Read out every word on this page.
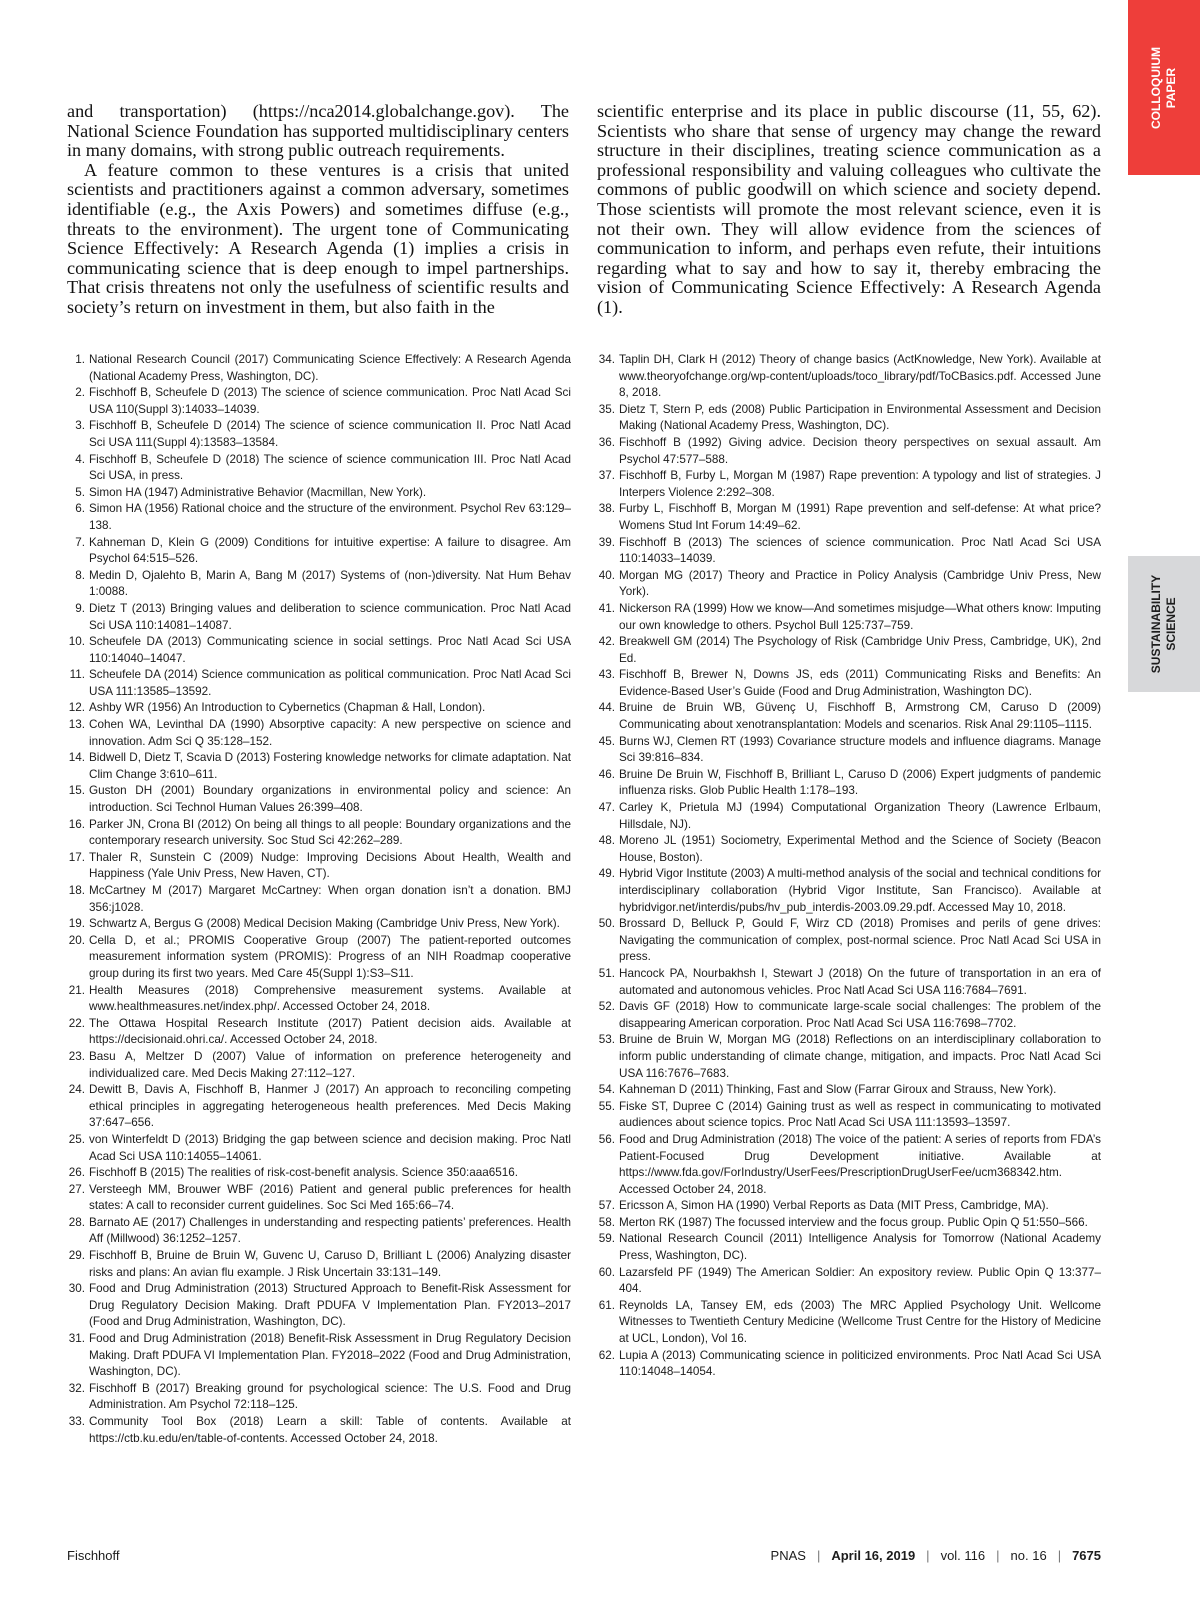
COLLOQUIUM PAPER
SUSTAINABILITY SCIENCE

and transportation) (https://nca2014.globalchange.gov). The National Science Foundation has supported multidisciplinary centers in many domains, with strong public outreach requirements.

A feature common to these ventures is a crisis that united scientists and practitioners against a common adversary, sometimes identifiable (e.g., the Axis Powers) and sometimes diffuse (e.g., threats to the environment). The urgent tone of Communicating Science Effectively: A Research Agenda (1) implies a crisis in communicating science that is deep enough to impel partnerships. That crisis threatens not only the usefulness of scientific results and society’s return on investment in them, but also faith in the

scientific enterprise and its place in public discourse (11, 55, 62). Scientists who share that sense of urgency may change the reward structure in their disciplines, treating science communication as a professional responsibility and valuing colleagues who cultivate the commons of public goodwill on which science and society depend. Those scientists will promote the most relevant science, even it is not their own. They will allow evidence from the sciences of communication to inform, and perhaps even refute, their intuitions regarding what to say and how to say it, thereby embracing the vision of Communicating Science Effectively: A Research Agenda (1).

1. National Research Council (2017) Communicating Science Effectively: A Research Agenda (National Academy Press, Washington, DC).
2. Fischhoff B, Scheufele D (2013) The science of science communication. Proc Natl Acad Sci USA 110(Suppl 3):14033–14039.
3. Fischhoff B, Scheufele D (2014) The science of science communication II. Proc Natl Acad Sci USA 111(Suppl 4):13583–13584.
4. Fischhoff B, Scheufele D (2018) The science of science communication III. Proc Natl Acad Sci USA, in press.
5. Simon HA (1947) Administrative Behavior (Macmillan, New York).
6. Simon HA (1956) Rational choice and the structure of the environment. Psychol Rev 63:129–138.
7. Kahneman D, Klein G (2009) Conditions for intuitive expertise: A failure to disagree. Am Psychol 64:515–526.
8. Medin D, Ojalehto B, Marin A, Bang M (2017) Systems of (non-)diversity. Nat Hum Behav 1:0088.
9. Dietz T (2013) Bringing values and deliberation to science communication. Proc Natl Acad Sci USA 110:14081–14087.
10. Scheufele DA (2013) Communicating science in social settings. Proc Natl Acad Sci USA 110:14040–14047.
11. Scheufele DA (2014) Science communication as political communication. Proc Natl Acad Sci USA 111:13585–13592.
12. Ashby WR (1956) An Introduction to Cybernetics (Chapman & Hall, London).
13. Cohen WA, Levinthal DA (1990) Absorptive capacity: A new perspective on science and innovation. Adm Sci Q 35:128–152.
14. Bidwell D, Dietz T, Scavia D (2013) Fostering knowledge networks for climate adaptation. Nat Clim Change 3:610–611.
15. Guston DH (2001) Boundary organizations in environmental policy and science: An introduction. Sci Technol Human Values 26:399–408.
16. Parker JN, Crona BI (2012) On being all things to all people: Boundary organizations and the contemporary research university. Soc Stud Sci 42:262–289.
17. Thaler R, Sunstein C (2009) Nudge: Improving Decisions About Health, Wealth and Happiness (Yale Univ Press, New Haven, CT).
18. McCartney M (2017) Margaret McCartney: When organ donation isn’t a donation. BMJ 356:j1028.
19. Schwartz A, Bergus G (2008) Medical Decision Making (Cambridge Univ Press, New York).
20. Cella D, et al.; PROMIS Cooperative Group (2007) The patient-reported outcomes measurement information system (PROMIS): Progress of an NIH Roadmap cooperative group during its first two years. Med Care 45(Suppl 1):S3–S11.
21. Health Measures (2018) Comprehensive measurement systems. Available at www.healthmeasures.net/index.php/. Accessed October 24, 2018.
22. The Ottawa Hospital Research Institute (2017) Patient decision aids. Available at https://decisionaid.ohri.ca/. Accessed October 24, 2018.
23. Basu A, Meltzer D (2007) Value of information on preference heterogeneity and individualized care. Med Decis Making 27:112–127.
24. Dewitt B, Davis A, Fischhoff B, Hanmer J (2017) An approach to reconciling competing ethical principles in aggregating heterogeneous health preferences. Med Decis Making 37:647–656.
25. von Winterfeldt D (2013) Bridging the gap between science and decision making. Proc Natl Acad Sci USA 110:14055–14061.
26. Fischhoff B (2015) The realities of risk-cost-benefit analysis. Science 350:aaa6516.
27. Versteegh MM, Brouwer WBF (2016) Patient and general public preferences for health states: A call to reconsider current guidelines. Soc Sci Med 165:66–74.
28. Barnato AE (2017) Challenges in understanding and respecting patients’ preferences. Health Aff (Millwood) 36:1252–1257.
29. Fischhoff B, Bruine de Bruin W, Guvenc U, Caruso D, Brilliant L (2006) Analyzing disaster risks and plans: An avian flu example. J Risk Uncertain 33:131–149.
30. Food and Drug Administration (2013) Structured Approach to Benefit-Risk Assessment for Drug Regulatory Decision Making. Draft PDUFA V Implementation Plan. FY2013–2017 (Food and Drug Administration, Washington, DC).
31. Food and Drug Administration (2018) Benefit-Risk Assessment in Drug Regulatory Decision Making. Draft PDUFA VI Implementation Plan. FY2018–2022 (Food and Drug Administration, Washington, DC).
32. Fischhoff B (2017) Breaking ground for psychological science: The U.S. Food and Drug Administration. Am Psychol 72:118–125.
33. Community Tool Box (2018) Learn a skill: Table of contents. Available at https://ctb.ku.edu/en/table-of-contents. Accessed October 24, 2018.
34. Taplin DH, Clark H (2012) Theory of change basics (ActKnowledge, New York). Available at www.theoryofchange.org/wp-content/uploads/toco_library/pdf/ToCBasics.pdf. Accessed June 8, 2018.
35. Dietz T, Stern P, eds (2008) Public Participation in Environmental Assessment and Decision Making (National Academy Press, Washington, DC).
36. Fischhoff B (1992) Giving advice. Decision theory perspectives on sexual assault. Am Psychol 47:577–588.
37. Fischhoff B, Furby L, Morgan M (1987) Rape prevention: A typology and list of strategies. J Interpers Violence 2:292–308.
38. Furby L, Fischhoff B, Morgan M (1991) Rape prevention and self-defense: At what price? Womens Stud Int Forum 14:49–62.
39. Fischhoff B (2013) The sciences of science communication. Proc Natl Acad Sci USA 110:14033–14039.
40. Morgan MG (2017) Theory and Practice in Policy Analysis (Cambridge Univ Press, New York).
41. Nickerson RA (1999) How we know—And sometimes misjudge—What others know: Imputing our own knowledge to others. Psychol Bull 125:737–759.
42. Breakwell GM (2014) The Psychology of Risk (Cambridge Univ Press, Cambridge, UK), 2nd Ed.
43. Fischhoff B, Brewer N, Downs JS, eds (2011) Communicating Risks and Benefits: An Evidence-Based User’s Guide (Food and Drug Administration, Washington DC).
44. Bruine de Bruin WB, Güvenç U, Fischhoff B, Armstrong CM, Caruso D (2009) Communicating about xenotransplantation: Models and scenarios. Risk Anal 29:1105–1115.
45. Burns WJ, Clemen RT (1993) Covariance structure models and influence diagrams. Manage Sci 39:816–834.
46. Bruine De Bruin W, Fischhoff B, Brilliant L, Caruso D (2006) Expert judgments of pandemic influenza risks. Glob Public Health 1:178–193.
47. Carley K, Prietula MJ (1994) Computational Organization Theory (Lawrence Erlbaum, Hillsdale, NJ).
48. Moreno JL (1951) Sociometry, Experimental Method and the Science of Society (Beacon House, Boston).
49. Hybrid Vigor Institute (2003) A multi-method analysis of the social and technical conditions for interdisciplinary collaboration (Hybrid Vigor Institute, San Francisco). Available at hybridvigor.net/interdis/pubs/hv_pub_interdis-2003.09.29.pdf. Accessed May 10, 2018.
50. Brossard D, Belluck P, Gould F, Wirz CD (2018) Promises and perils of gene drives: Navigating the communication of complex, post-normal science. Proc Natl Acad Sci USA in press.
51. Hancock PA, Nourbakhsh I, Stewart J (2018) On the future of transportation in an era of automated and autonomous vehicles. Proc Natl Acad Sci USA 116:7684–7691.
52. Davis GF (2018) How to communicate large-scale social challenges: The problem of the disappearing American corporation. Proc Natl Acad Sci USA 116:7698–7702.
53. Bruine de Bruin W, Morgan MG (2018) Reflections on an interdisciplinary collaboration to inform public understanding of climate change, mitigation, and impacts. Proc Natl Acad Sci USA 116:7676–7683.
54. Kahneman D (2011) Thinking, Fast and Slow (Farrar Giroux and Strauss, New York).
55. Fiske ST, Dupree C (2014) Gaining trust as well as respect in communicating to motivated audiences about science topics. Proc Natl Acad Sci USA 111:13593–13597.
56. Food and Drug Administration (2018) The voice of the patient: A series of reports from FDA’s Patient-Focused Drug Development initiative. Available at https://www.fda.gov/ForIndustry/UserFees/PrescriptionDrugUserFee/ucm368342.htm. Accessed October 24, 2018.
57. Ericsson A, Simon HA (1990) Verbal Reports as Data (MIT Press, Cambridge, MA).
58. Merton RK (1987) The focussed interview and the focus group. Public Opin Q 51:550–566.
59. National Research Council (2011) Intelligence Analysis for Tomorrow (National Academy Press, Washington, DC).
60. Lazarsfeld PF (1949) The American Soldier: An expository review. Public Opin Q 13:377–404.
61. Reynolds LA, Tansey EM, eds (2003) The MRC Applied Psychology Unit. Wellcome Witnesses to Twentieth Century Medicine (Wellcome Trust Centre for the History of Medicine at UCL, London), Vol 16.
62. Lupia A (2013) Communicating science in politicized environments. Proc Natl Acad Sci USA 110:14048–14054.
Fischhoff	PNAS | April 16, 2019 | vol. 116 | no. 16 | 7675
